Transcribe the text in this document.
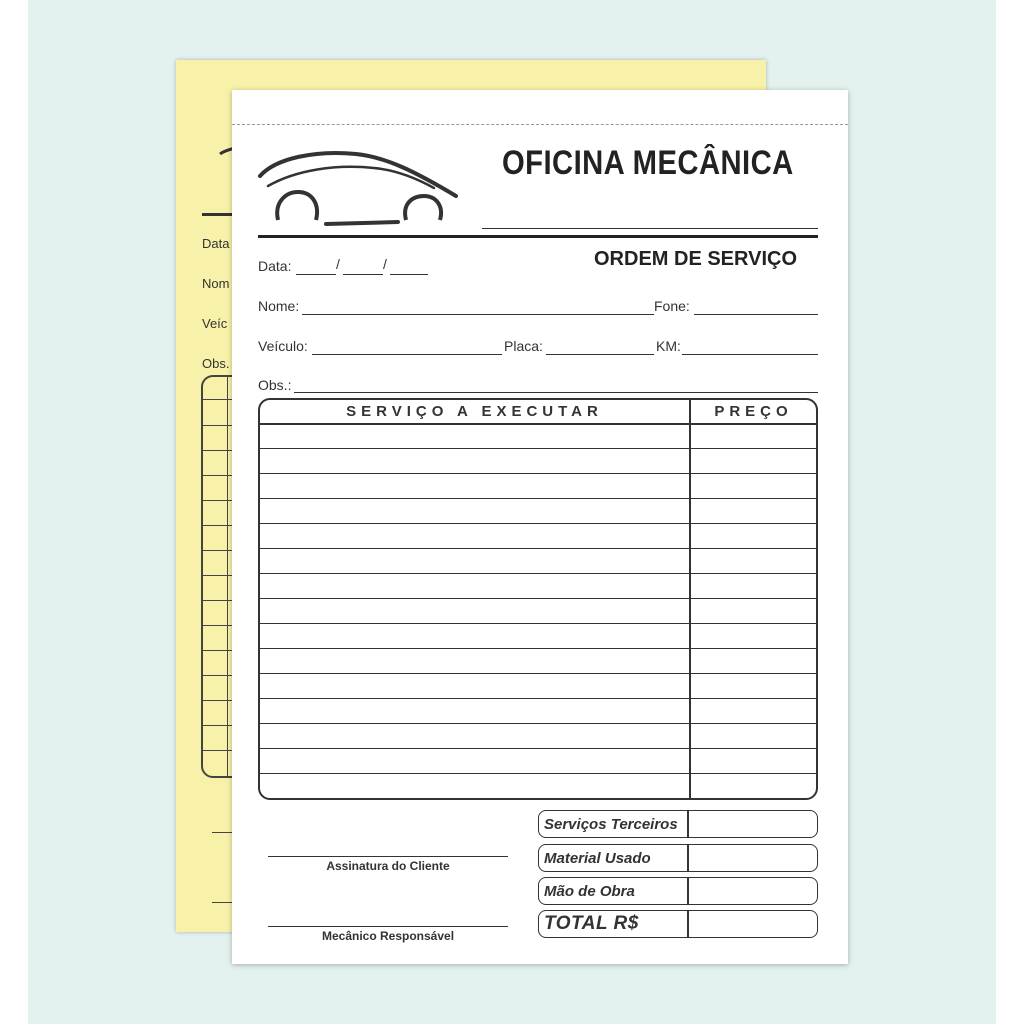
Data
Nom
Veíc
Obs.
OFICINA MECÂNICA
ORDEM DE SERVIÇO
Data:	/	/
Nome:	Fone:
Veículo:	Placa:	KM:
Obs.:
SERVIÇO A EXECUTAR	PREÇO
Serviços Terceiros
Material Usado
Mão de Obra
TOTAL R$
Assinatura do Cliente
Mecânico Responsável
